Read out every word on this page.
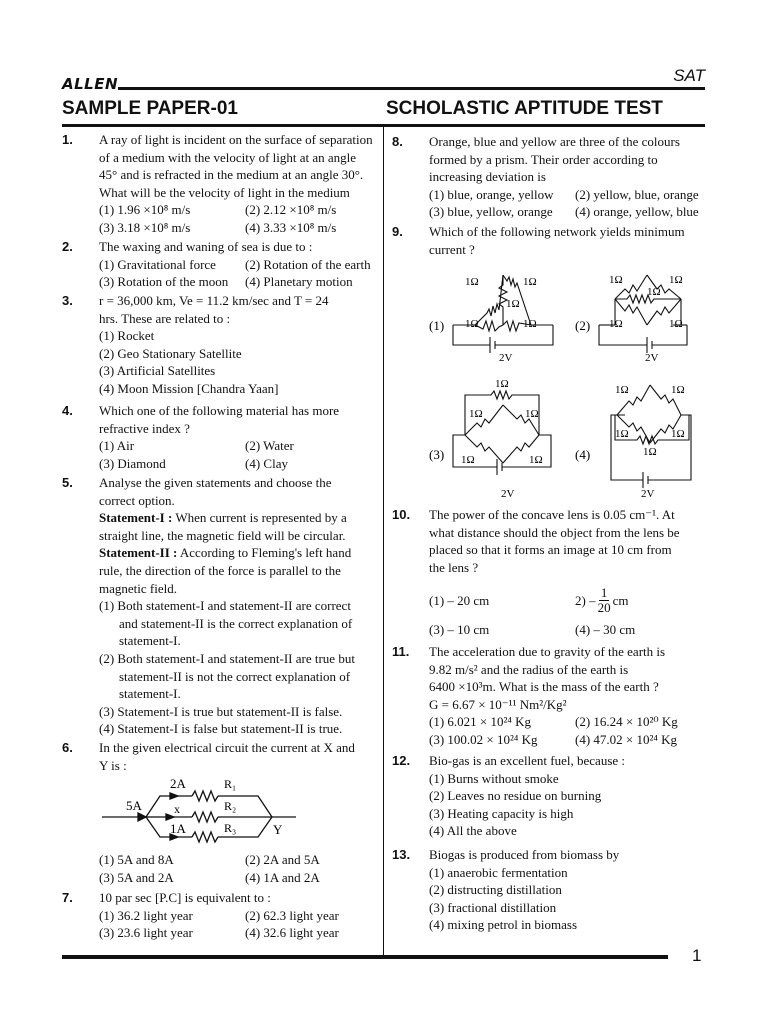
ALLEN	SAT
SAMPLE PAPER-01	SCHOLASTIC APTITUDE TEST
1
1. A ray of light is incident on the surface of separation
of a medium with the velocity of light at an angle
45° and is refracted in the medium at an angle 30°.
What will be the velocity of light in the medium
(1) 1.96 ×10⁸ m/s	(2) 2.12 ×10⁸ m/s
(3) 3.18 ×10⁸ m/s	(4) 3.33 ×10⁸ m/s
2. The waxing and waning of sea is due to :
(1) Gravitational force	(2) Rotation of the earth
(3) Rotation of the moon	(4) Planetary motion
3. r = 36,000 km, Ve = 11.2 km/sec and T = 24
hrs. These are related to :
(1) Rocket
(2) Geo Stationary Satellite
(3) Artificial Satellites
(4) Moon Mission [Chandra Yaan]
4. Which one of the following material has more
refractive index ?
(1) Air	(2) Water
(3) Diamond	(4) Clay
5. Analyse the given statements and choose the
correct option.
Statement-I : When current is represented by a
straight line, the magnetic field will be circular.
Statement-II : According to Fleming's left hand
rule, the direction of the force is parallel to the
magnetic field.
(1) Both statement-I and statement-II are correct
and statement-II is the correct explanation of
statement-I.
(2) Both statement-I and statement-II are true but
statement-II is not the correct explanation of
statement-I.
(3) Statement-I is true but statement-II is false.
(4) Statement-I is false but statement-II is true.
6. In the given electrical circuit the current at X and
Y is :
2A
5A	x
1A	Y
R₁
R₂
R₃
(1) 5A and 8A	(2) 2A and 5A
(3) 5A and 2A	(4) 1A and 2A
7. 10 par sec [P.C] is equivalent to :
(1) 36.2 light year	(2) 62.3 light year
(3) 23.6 light year	(4) 32.6 light year
8. Orange, blue and yellow are three of the colours
formed by a prism. Their order according to
increasing deviation is
(1) blue, orange, yellow	(2) yellow, blue, orange
(3) blue, yellow, orange	(4) orange, yellow, blue
9. Which of the following network yields minimum
current ?
1Ω	1Ω
1Ω
1Ω	1Ω
2V
(1)
1Ω	1Ω
1Ω
1Ω	1Ω
2V
(2)
1Ω
1Ω	1Ω
1Ω	1Ω
2V
(3)
1Ω	1Ω
1Ω	1Ω
1Ω
2V
(4)
10. The power of the concave lens is 0.05 cm⁻¹. At
what distance should the object from the lens be
placed so that it forms an image at 10 cm from
the lens ?
(1) – 20 cm	$2) - \frac{1}{20}$ cm
(3) – 10 cm	(4) – 30 cm
11. The acceleration due to gravity of the earth is
9.82 m/s² and the radius of the earth is
6400 ×10³m. What is the mass of the earth ?
G = 6.67 × 10⁻¹¹ Nm²/Kg²
(1) 6.021 × 10²⁴ Kg	(2) 16.24 × 10²⁰ Kg
(3) 100.02 × 10²⁴ Kg	(4) 47.02 × 10²⁴ Kg
12. Bio-gas is an excellent fuel, because :
(1) Burns without smoke
(2) Leaves no residue on burning
(3) Heating capacity is high
(4) All the above
13. Biogas is produced from biomass by
(1) anaerobic fermentation
(2) distructing distillation
(3) fractional distillation
(4) mixing petrol in biomass
